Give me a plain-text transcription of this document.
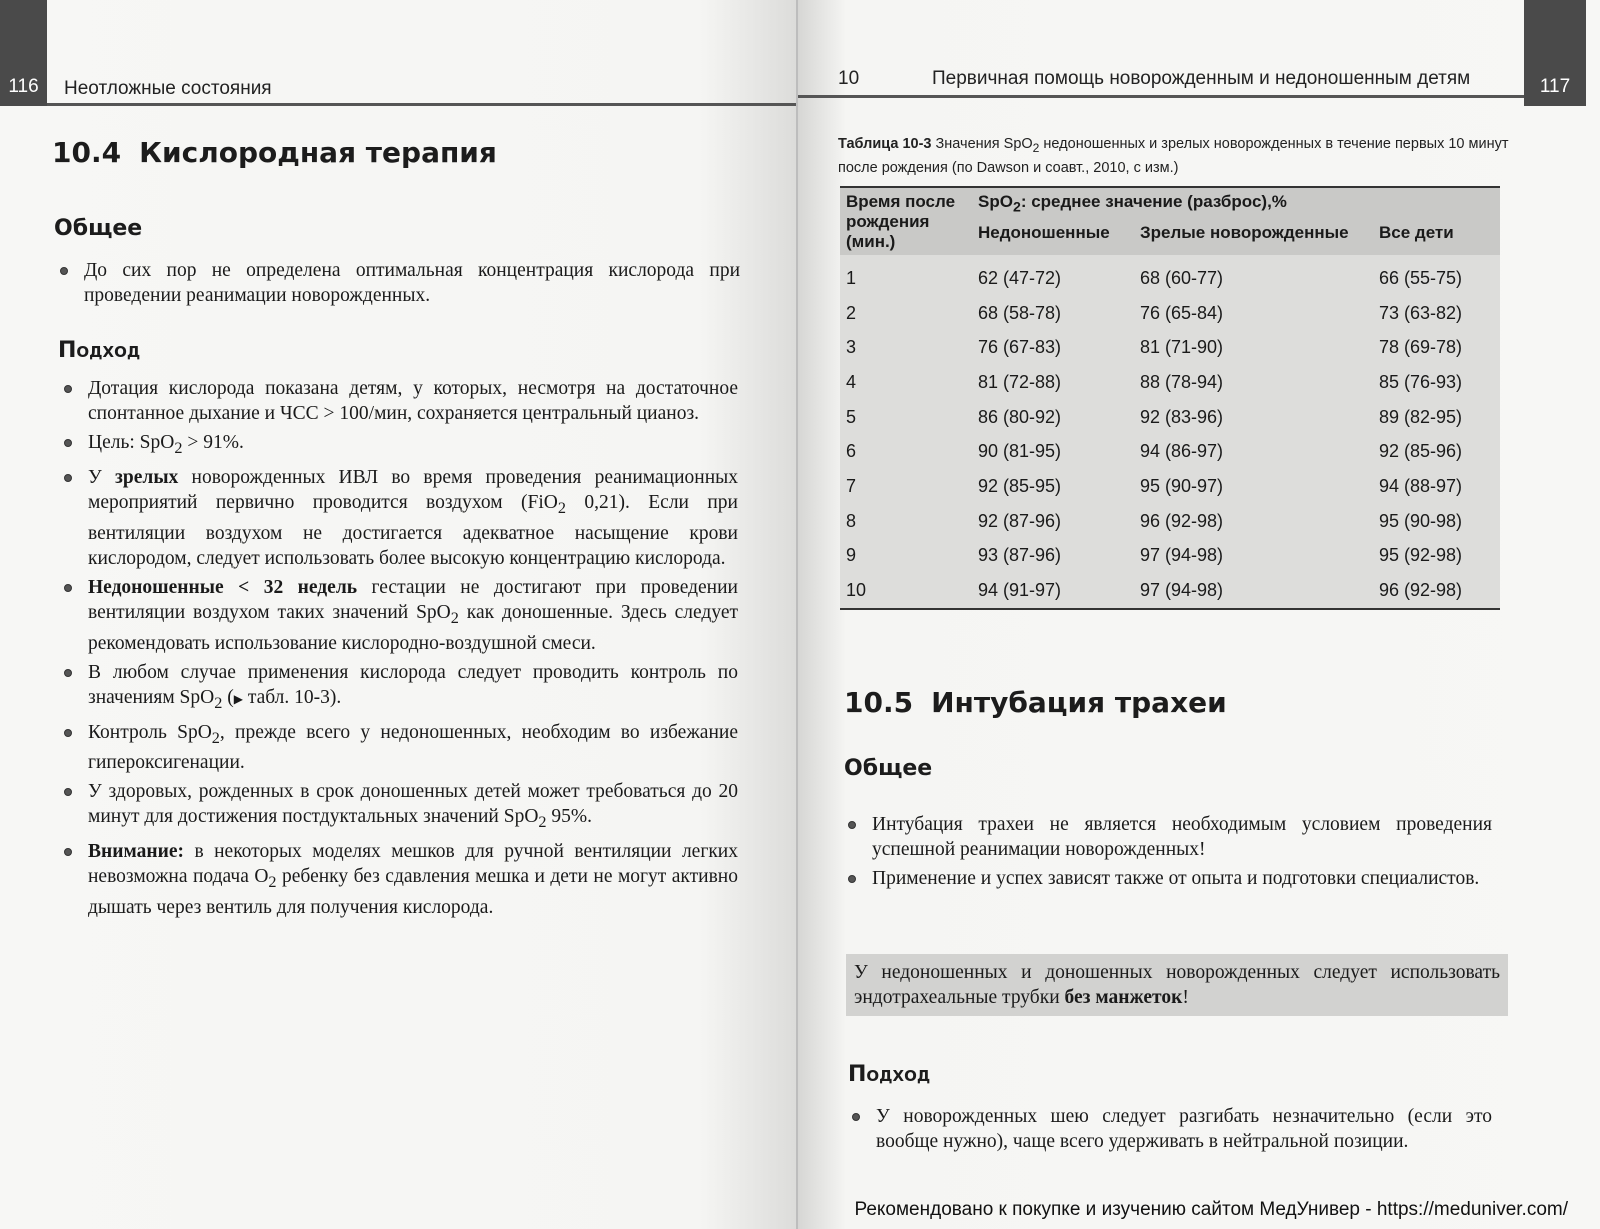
116	Неотложные состояния
10.4 Кислородная терапия
Общее
До сих пор не определена оптимальная концентрация кислорода при проведении реанимации новорожденных.
Подход
Дотация кислорода показана детям, у которых, несмотря на достаточное спонтанное дыхание и ЧСС > 100/мин, сохраняется центральный цианоз.
Цель: SpO$_2$ > 91%.
У зрелых новорожденных ИВЛ во время проведения реанимационных мероприятий первично проводится воздухом (FiO$_2$ 0,21). Если при вентиляции воздухом не достигается адекватное насыщение крови кислородом, следует использовать более высокую концентрацию кислорода.
Недоношенные < 32 недель гестации не достигают при проведении вентиляции воздухом таких значений SpO$_2$ как доношенные. Здесь следует рекомендовать использование кислородно-воздушной смеси.
В любом случае применения кислорода следует проводить контроль по значениям SpO$_2$ (▶ табл. 10-3).
Контроль SpO$_2$, прежде всего у недоношенных, необходим во избежание гипероксигенации.
У здоровых, рожденных в срок доношенных детей может требоваться до 20 минут для достижения постдуктальных значений SpO$_2$ 95%.
Внимание: в некоторых моделях мешков для ручной вентиляции легких невозможна подача $O_2$ ребенку без сдавления мешка и дети не могут активно дышать через вентиль для получения кислорода.
10	Первичная помощь новорожденным и недоношенным детям	117
Таблица 10-3 Значения SpO$_2$ недоношенных и зрелых новорожденных в течение первых 10 минут после рождения (по Dawson и соавт., 2010, с изм.)
Время после рождения (мин.)	SpO$_2$: среднее значение (разброс),%		
	Недоношенные	Зрелые новорожденные	Все дети
1	62 (47-72)	68 (60-77)	66 (55-75)
2	68 (58-78)	76 (65-84)	73 (63-82)
3	76 (67-83)	81 (71-90)	78 (69-78)
4	81 (72-88)	88 (78-94)	85 (76-93)
5	86 (80-92)	92 (83-96)	89 (82-95)
6	90 (81-95)	94 (86-97)	92 (85-96)
7	92 (85-95)	95 (90-97)	94 (88-97)
8	92 (87-96)	96 (92-98)	95 (90-98)
9	93 (87-96)	97 (94-98)	95 (92-98)
10	94 (91-97)	97 (94-98)	96 (92-98)
10.5 Интубация трахеи
Общее
Интубация трахеи не является необходимым условием проведения успешной реанимации новорожденных!
Применение и успех зависят также от опыта и подготовки специалистов.
У недоношенных и доношенных новорожденных следует использовать эндотрахеальные трубки без манжеток!
Подход
У новорожденных шею следует разгибать незначительно (если это вообще нужно), чаще всего удерживать в нейтральной позиции.
Рекомендовано к покупке и изучению сайтом МедУнивер - https://meduniver.com/
